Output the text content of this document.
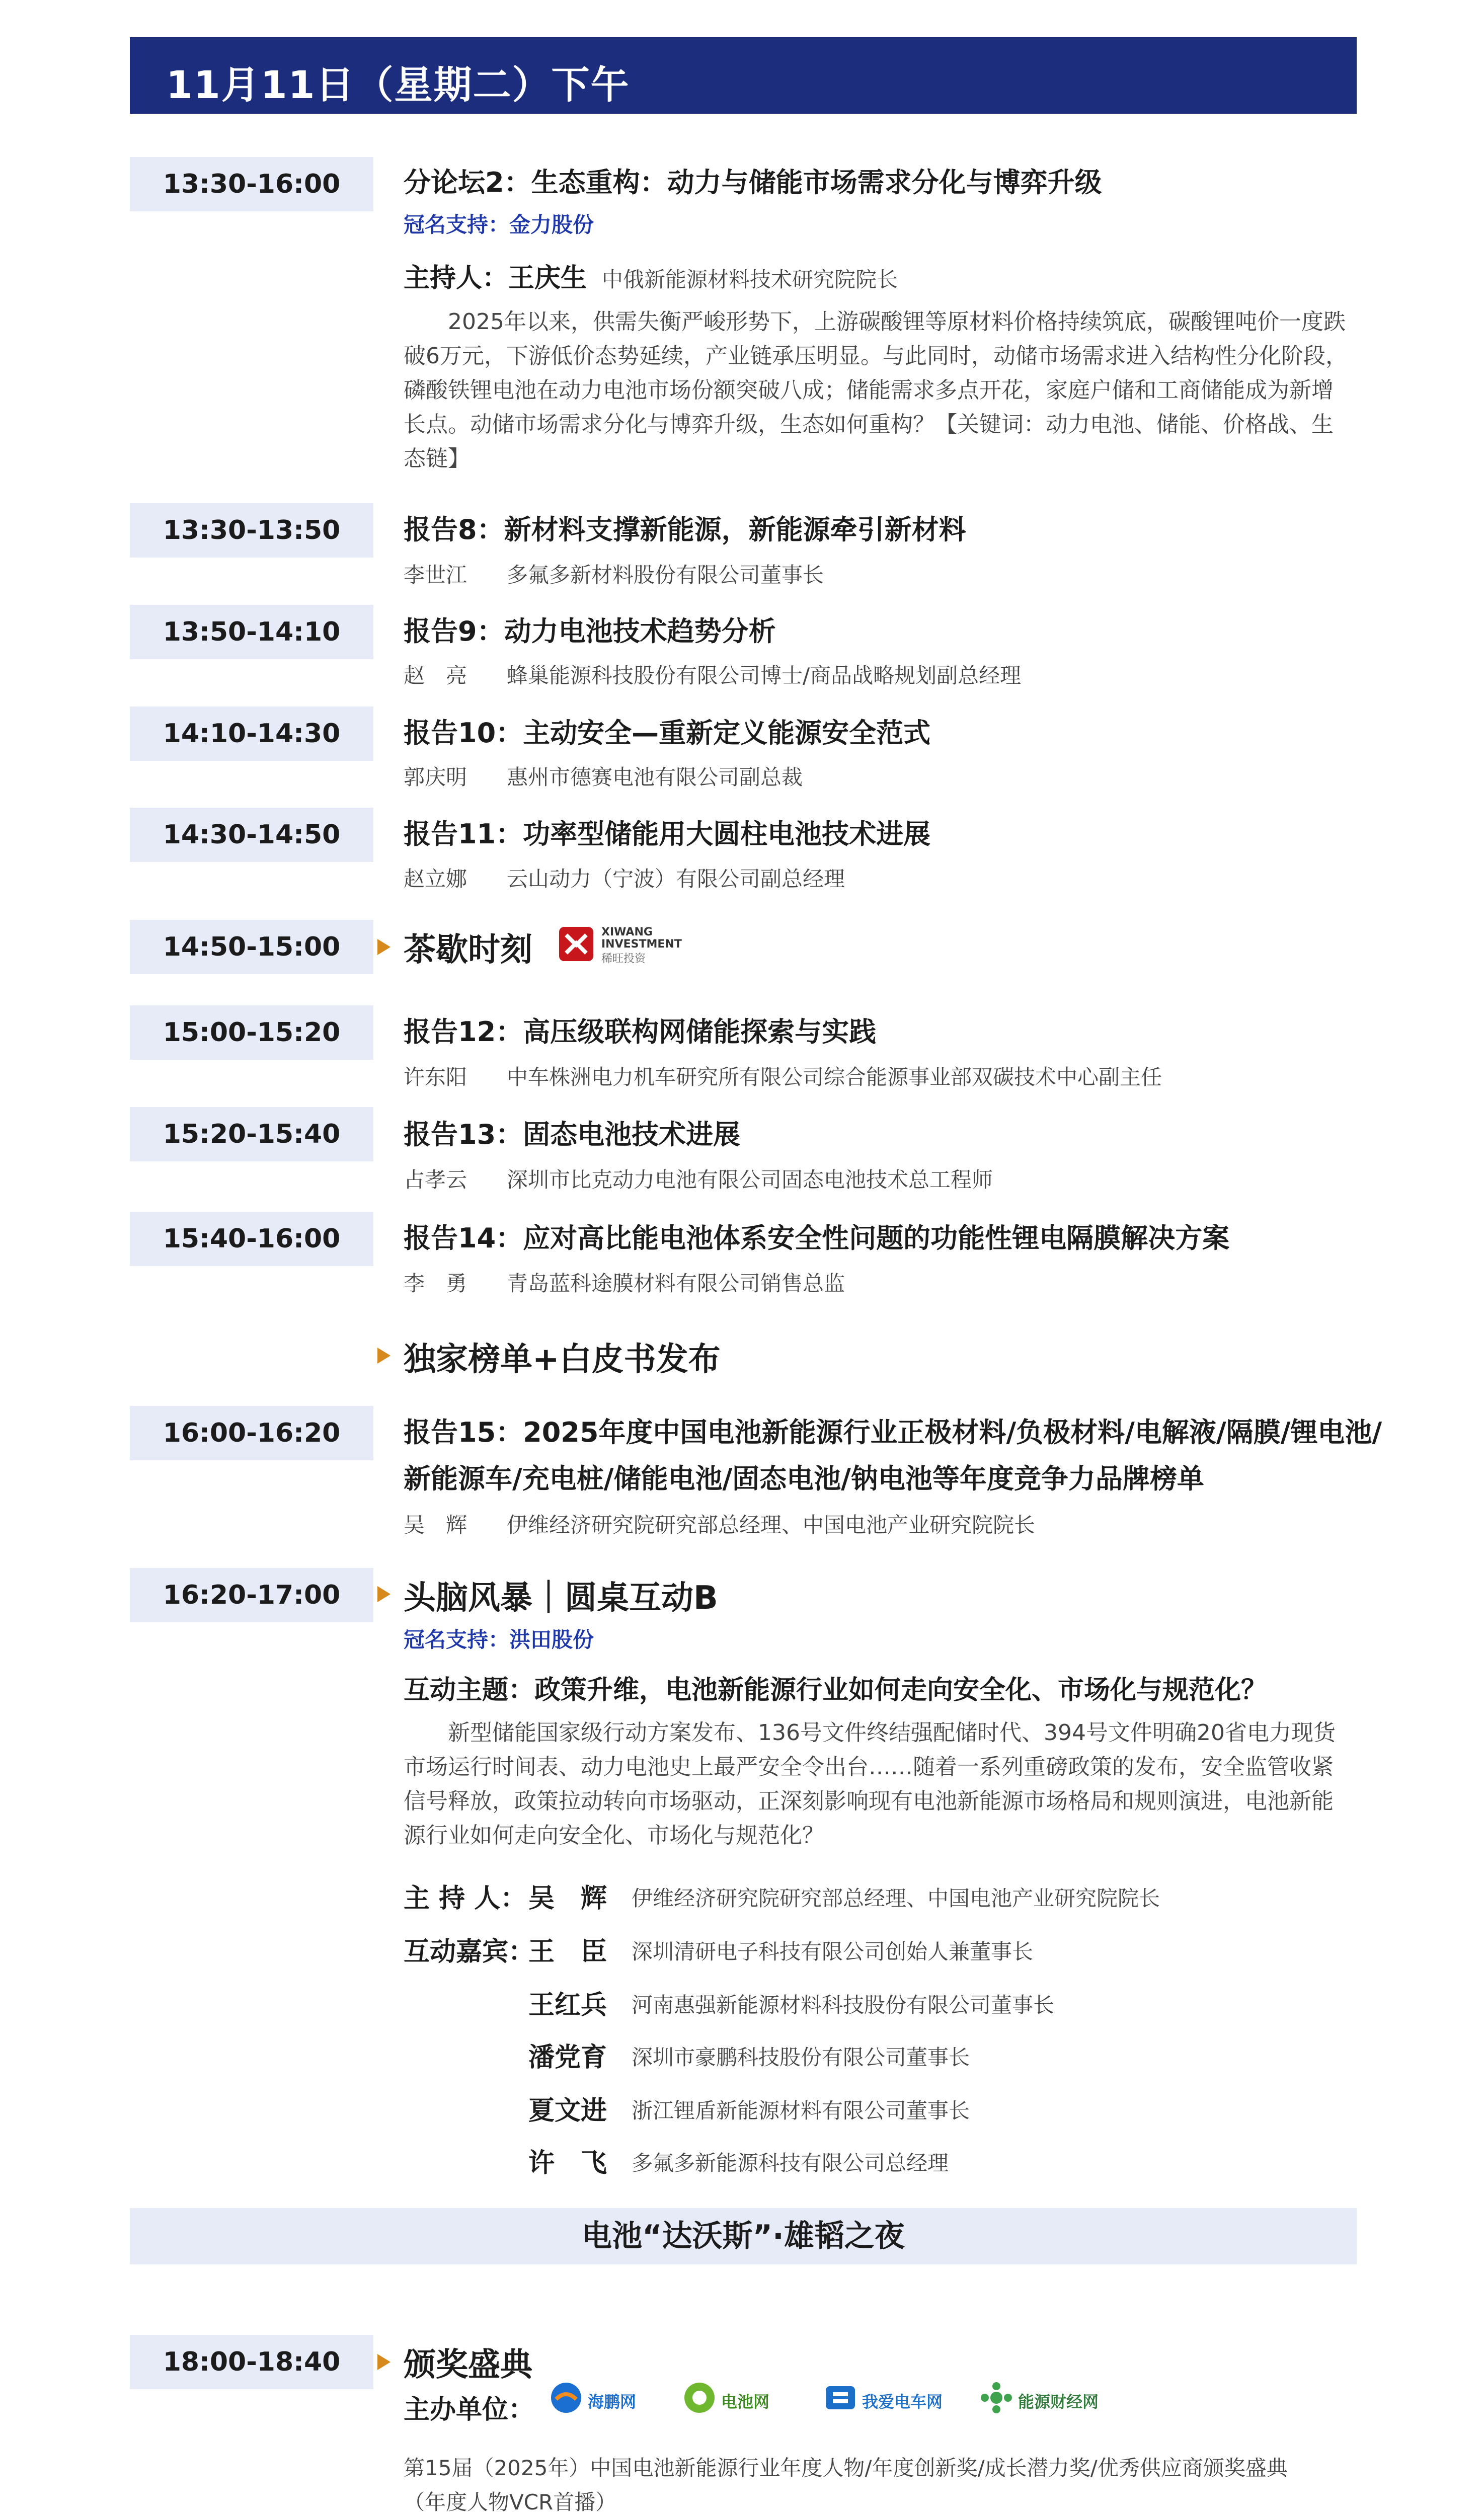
11月11日（星期二）下午
13:30-16:00	分论坛2：生态重构：动力与储能市场需求分化与博弈升级
冠名支持：金力股份
主持人：王庆生 中俄新能源材料技术研究院院长
2025年以来，供需失衡严峻形势下，上游碳酸锂等原材料价格持续筑底，碳酸锂吨价一度跌破6万元，下游低价态势延续，产业链承压明显。与此同时，动储市场需求进入结构性分化阶段，磷酸铁锂电池在动力电池市场份额突破八成；储能需求多点开花，家庭户储和工商储能成为新增长点。动储市场需求分化与博弈升级，生态如何重构？【关键词：动力电池、储能、价格战、生态链】
13:30-13:50	报告8：新材料支撑新能源，新能源牵引新材料
李世江 多氟多新材料股份有限公司董事长
13:50-14:10	报告9：动力电池技术趋势分析
赵　亮 蜂巢能源科技股份有限公司博士/商品战略规划副总经理
14:10-14:30	报告10：主动安全—重新定义能源安全范式
郭庆明 惠州市德赛电池有限公司副总裁
14:30-14:50	报告11：功率型储能用大圆柱电池技术进展
赵立娜 云山动力（宁波）有限公司副总经理
14:50-15:00	茶歇时刻	XIWANG
INVESTMENT
稀旺投资
15:00-15:20	报告12：高压级联构网储能探索与实践
许东阳 中车株洲电力机车研究所有限公司综合能源事业部双碳技术中心副主任
15:20-15:40	报告13：固态电池技术进展
占孝云 深圳市比克动力电池有限公司固态电池技术总工程师
15:40-16:00	报告14：应对高比能电池体系安全性问题的功能性锂电隔膜解决方案
李　勇 青岛蓝科途膜材料有限公司销售总监
独家榜单+白皮书发布
16:00-16:20	报告15：2025年度中国电池新能源行业正极材料/负极材料/电解液/隔膜/锂电池/
新能源车/充电桩/储能电池/固态电池/钠电池等年度竞争力品牌榜单
吴　辉 伊维经济研究院研究部总经理、中国电池产业研究院院长
16:20-17:00	头脑风暴｜圆桌互动B
冠名支持：洪田股份
互动主题：政策升维，电池新能源行业如何走向安全化、市场化与规范化？
新型储能国家级行动方案发布、136号文件终结强配储时代、394号文件明确20省电力现货市场运行时间表、动力电池史上最严安全令出台……随着一系列重磅政策的发布，安全监管收紧信号释放，政策拉动转向市场驱动，正深刻影响现有电池新能源市场格局和规则演进，电池新能源行业如何走向安全化、市场化与规范化？
主 持 人： 吴　辉 伊维经济研究院研究部总经理、中国电池产业研究院院长
互动嘉宾：
王　臣 深圳清研电子科技有限公司创始人兼董事长
王红兵 河南惠强新能源材料科技股份有限公司董事长
潘党育 深圳市豪鹏科技股份有限公司董事长
夏文进 浙江锂盾新能源材料有限公司董事长
许　飞 多氟多新能源科技有限公司总经理
电池“达沃斯”·雄韬之夜
18:00-18:40	颁奖盛典
主办单位：	海鹏网	电池网	我爱电车网	能源财经网
第15届（2025年）中国电池新能源行业年度人物/年度创新奖/成长潜力奖/优秀供应商颁奖盛典
（年度人物VCR首播）
